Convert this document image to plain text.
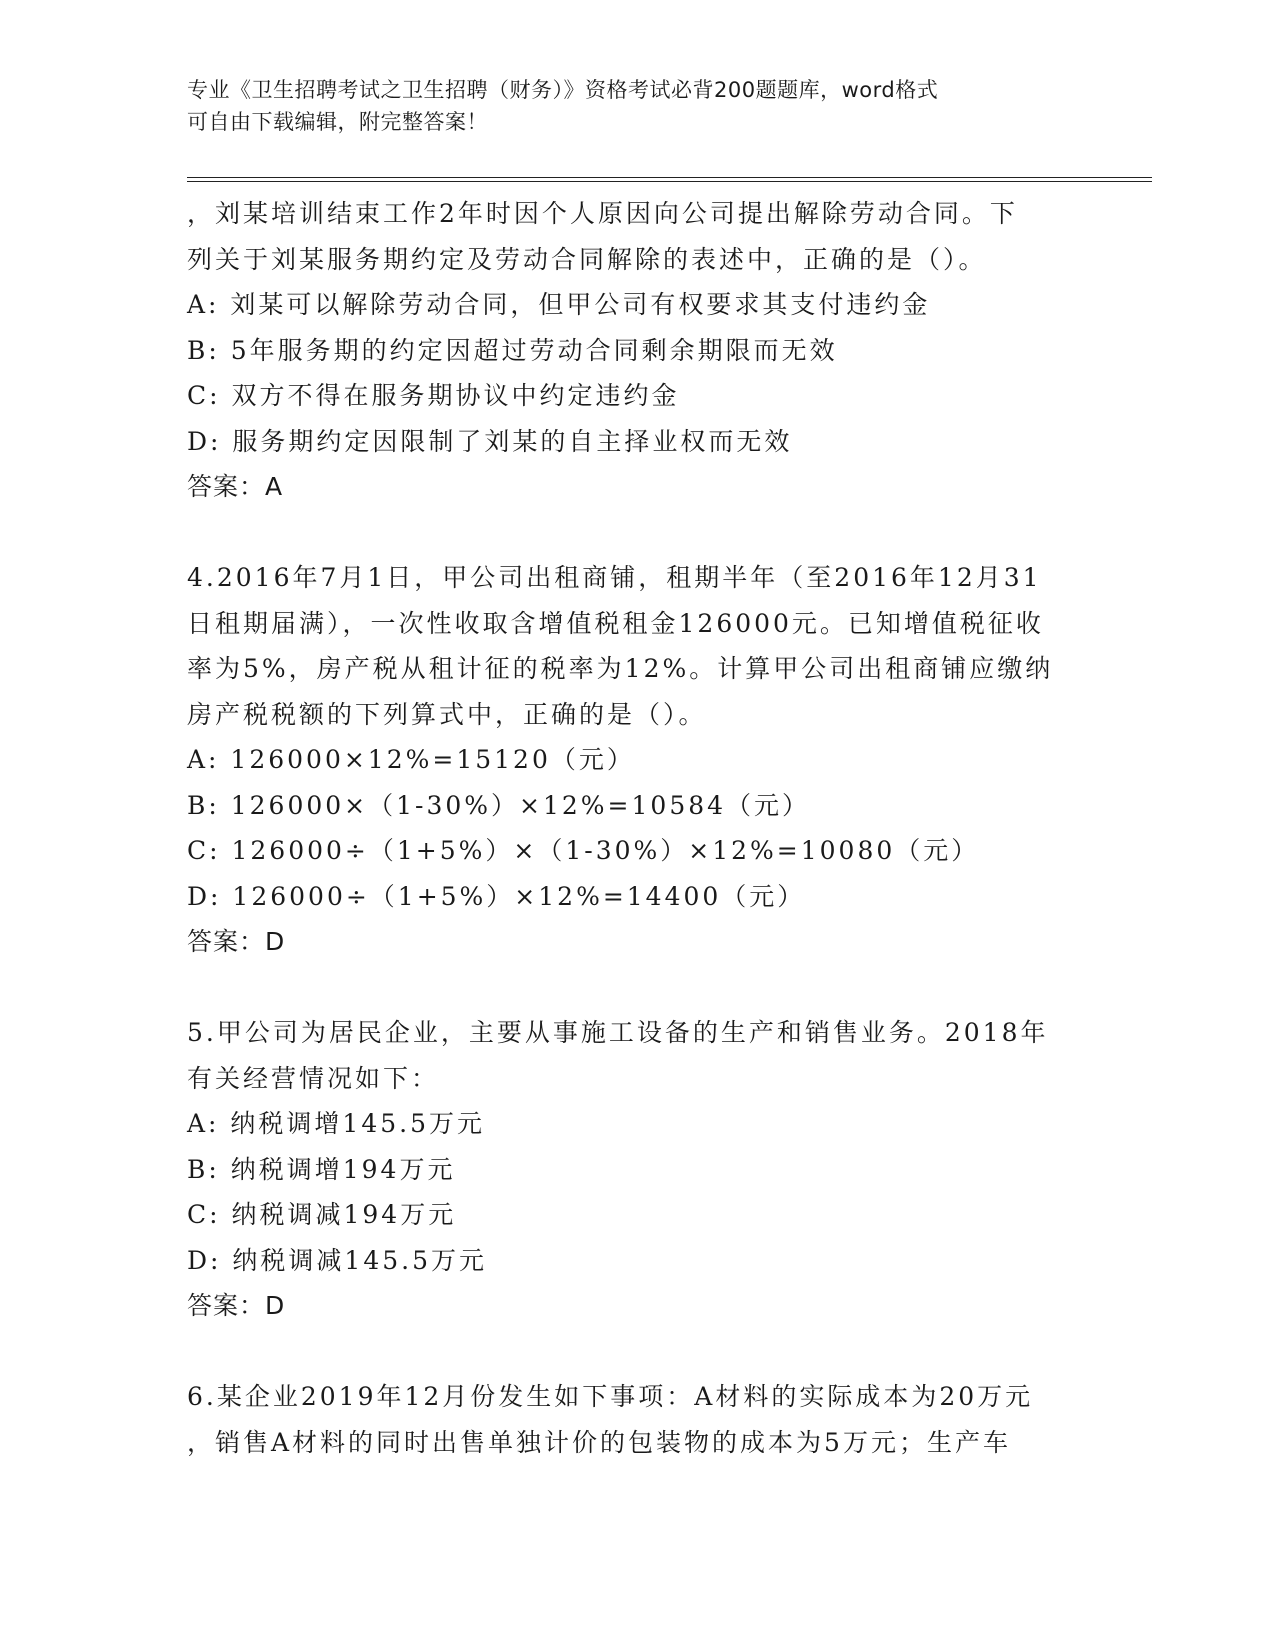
专业《卫生招聘考试之卫生招聘（财务）》资格考试必背200题题库，word格式
可自由下载编辑，附完整答案！
，刘某培训结束工作2年时因个人原因向公司提出解除劳动合同。下
列关于刘某服务期约定及劳动合同解除的表述中，正确的是（）。
A: 刘某可以解除劳动合同，但甲公司有权要求其支付违约金
B: 5年服务期的约定因超过劳动合同剩余期限而无效
C: 双方不得在服务期协议中约定违约金
D: 服务期约定因限制了刘某的自主择业权而无效
答案：A
4.2016年7月1日，甲公司出租商铺，租期半年（至2016年12月31
日租期届满），一次性收取含增值税租金126000元。已知增值税征收
率为5%，房产税从租计征的税率为12%。计算甲公司出租商铺应缴纳
房产税税额的下列算式中，正确的是（）。
A: 126000×12%=15120（元）
B: 126000×（1-30%）×12%=10584（元）
C: 126000÷（1+5%）×（1-30%）×12%=10080（元）
D: 126000÷（1+5%）×12%=14400（元）
答案：D
5.甲公司为居民企业，主要从事施工设备的生产和销售业务。2018年
有关经营情况如下：
A: 纳税调增145.5万元
B: 纳税调增194万元
C: 纳税调减194万元
D: 纳税调减145.5万元
答案：D
6.某企业2019年12月份发生如下事项：A材料的实际成本为20万元
，销售A材料的同时出售单独计价的包装物的成本为5万元；生产车
